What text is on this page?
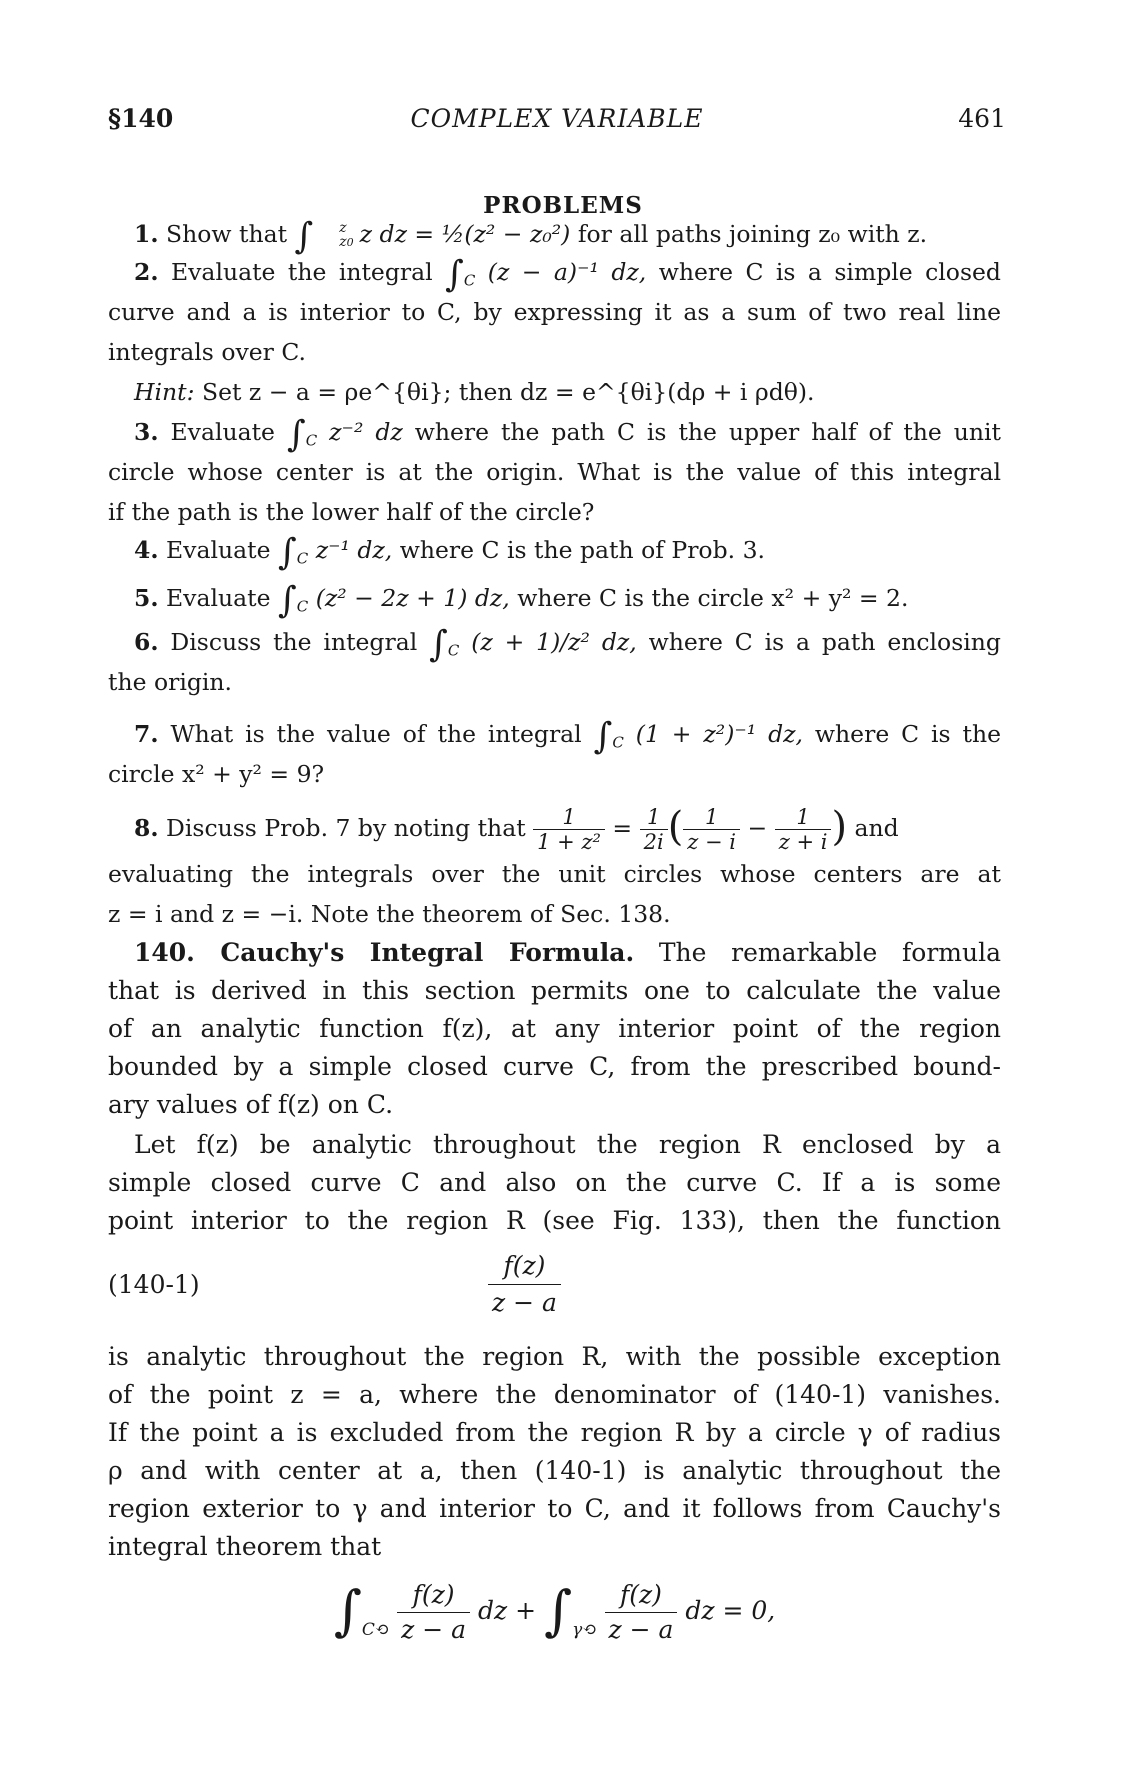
§140	COMPLEX VARIABLE	461
PROBLEMS
1. Show that ∫	z
z0 z dz = ½(z² − z₀²) for all paths joining z₀ with z.
2. Evaluate the integral $\int_C$ (z − a)⁻¹ dz, where C is a simple closed
curve and a is interior to C, by expressing it as a sum of two real line
integrals over C.
Hint: Set z − a = ρe^{θi}; then dz = e^{θi}(dρ + i ρdθ).
3. Evaluate $\int_C$ z⁻² dz where the path C is the upper half of the unit
circle whose center is at the origin. What is the value of this integral
if the path is the lower half of the circle?
4. Evaluate $\int_C$ z⁻¹ dz, where C is the path of Prob. 3.
5. Evaluate $\int_C$ (z² − 2z + 1) dz, where C is the circle x² + y² = 2.
6. Discuss the integral $\int_C$ (z + 1)/z² dz, where C is a path enclosing
the origin.
7. What is the value of the integral $\int_C$ (1 + z²)⁻¹ dz, where C is the
circle x² + y² = 9?
8. Discuss Prob. 7 by noting that $\frac{1}{\text{1 + z²}} = \frac{1}{2i}$ ( $\frac{1}{z - i} - \frac{1}{z + i}$ ) and
evaluating the integrals over the unit circles whose centers are at
z = i and z = −i. Note the theorem of Sec. 138.
140. Cauchy's Integral Formula. The remarkable formula
that is derived in this section permits one to calculate the value
of an analytic function f(z), at any interior point of the region
bounded by a simple closed curve C, from the prescribed bound-
ary values of f(z) on C.
Let f(z) be analytic throughout the region R enclosed by a
simple closed curve C and also on the curve C. If a is some
point interior to the region R (see Fig. 133), then the function
(140-1)	$\frac{f(z)}{z - a}$
is analytic throughout the region R, with the possible exception
of the point z = a, where the denominator of (140-1) vanishes.
If the point a is excluded from the region R by a circle γ of radius
ρ and with center at a, then (140-1) is analytic throughout the
region exterior to γ and interior to C, and it follows from Cauchy's
integral theorem that
$\int_{C⟲} \frac{f(z)}{z - a}$ dz + $\int_{\gamma⟲} \frac{f(z)}{z - a}$ dz = 0,
